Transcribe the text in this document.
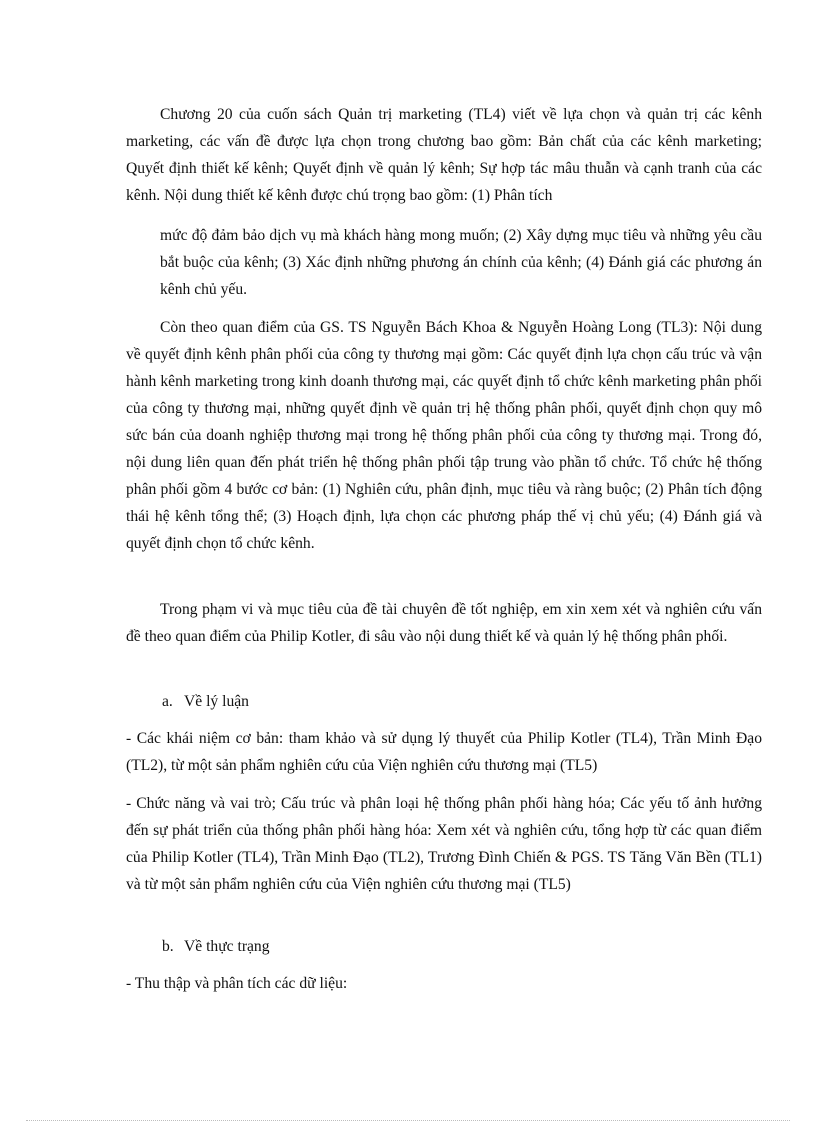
Chương 20 của cuốn sách Quản trị marketing (TL4) viết về lựa chọn và quản trị các kênh marketing, các vấn đề được lựa chọn trong chương bao gồm: Bản chất của các kênh marketing; Quyết định thiết kế kênh; Quyết định về quản lý kênh; Sự hợp tác mâu thuẫn và cạnh tranh của các kênh. Nội dung thiết kế kênh được chú trọng bao gồm: (1) Phân tích

mức độ đảm bảo dịch vụ mà khách hàng mong muốn; (2) Xây dựng mục tiêu và những yêu cầu bắt buộc của kênh; (3) Xác định những phương án chính của kênh; (4) Đánh giá các phương án kênh chủ yếu.

Còn theo quan điểm của GS. TS Nguyễn Bách Khoa & Nguyễn Hoàng Long (TL3): Nội dung về quyết định kênh phân phối của công ty thương mại gồm: Các quyết định lựa chọn cấu trúc và vận hành kênh marketing trong kinh doanh thương mại, các quyết định tổ chức kênh marketing phân phối của công ty thương mại, những quyết định về quản trị hệ thống phân phối, quyết định chọn quy mô sức bán của doanh nghiệp thương mại trong hệ thống phân phối của công ty thương mại. Trong đó, nội dung liên quan đến phát triển hệ thống phân phối tập trung vào phần tổ chức. Tổ chức hệ thống phân phối gồm 4 bước cơ bản: (1) Nghiên cứu, phân định, mục tiêu và ràng buộc; (2) Phân tích động thái hệ kênh tổng thể; (3) Hoạch định, lựa chọn các phương pháp thế vị chủ yếu; (4) Đánh giá và quyết định chọn tổ chức kênh.

Trong phạm vi và mục tiêu của đề tài chuyên đề tốt nghiệp, em xin xem xét và nghiên cứu vấn đề theo quan điểm của Philip Kotler, đi sâu vào nội dung thiết kế và quản lý hệ thống phân phối.

a. Về lý luận

- Các khái niệm cơ bản: tham khảo và sử dụng lý thuyết của Philip Kotler (TL4), Trần Minh Đạo (TL2), từ một sản phẩm nghiên cứu của Viện nghiên cứu thương mại (TL5)

- Chức năng và vai trò; Cấu trúc và phân loại hệ thống phân phối hàng hóa; Các yếu tố ảnh hưởng đến sự phát triển của thống phân phối hàng hóa: Xem xét và nghiên cứu, tổng hợp từ các quan điểm của Philip Kotler (TL4), Trần Minh Đạo (TL2), Trương Đình Chiến & PGS. TS Tăng Văn Bền (TL1) và từ một sản phẩm nghiên cứu của Viện nghiên cứu thương mại (TL5)

b. Về thực trạng

- Thu thập và phân tích các dữ liệu:
